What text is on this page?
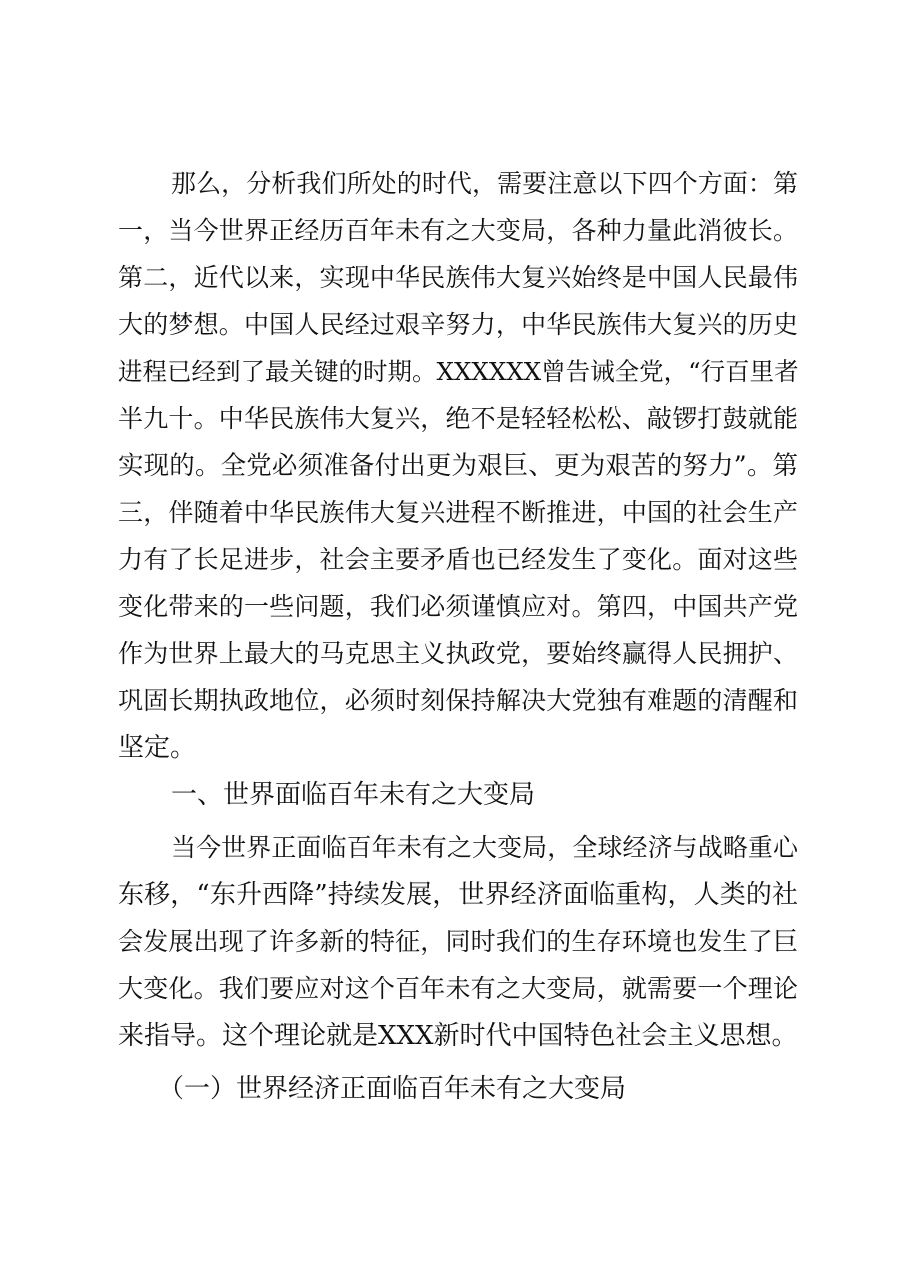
那么，分析我们所处的时代，需要注意以下四个方面：第
一，当今世界正经历百年未有之大变局，各种力量此消彼长。
第二，近代以来，实现中华民族伟大复兴始终是中国人民最伟
大的梦想。中国人民经过艰辛努力，中华民族伟大复兴的历史
进程已经到了最关键的时期。XXXXXX曾告诫全党，“行百里者
半九十。中华民族伟大复兴，绝不是轻轻松松、敲锣打鼓就能
实现的。全党必须准备付出更为艰巨、更为艰苦的努力”。第
三，伴随着中华民族伟大复兴进程不断推进，中国的社会生产
力有了长足进步，社会主要矛盾也已经发生了变化。面对这些
变化带来的一些问题，我们必须谨慎应对。第四，中国共产党
作为世界上最大的马克思主义执政党，要始终赢得人民拥护、
巩固长期执政地位，必须时刻保持解决大党独有难题的清醒和
坚定。
一、世界面临百年未有之大变局
当今世界正面临百年未有之大变局，全球经济与战略重心
东移，“东升西降”持续发展，世界经济面临重构，人类的社
会发展出现了许多新的特征，同时我们的生存环境也发生了巨
大变化。我们要应对这个百年未有之大变局，就需要一个理论
来指导。这个理论就是XXX新时代中国特色社会主义思想。
（一）世界经济正面临百年未有之大变局
